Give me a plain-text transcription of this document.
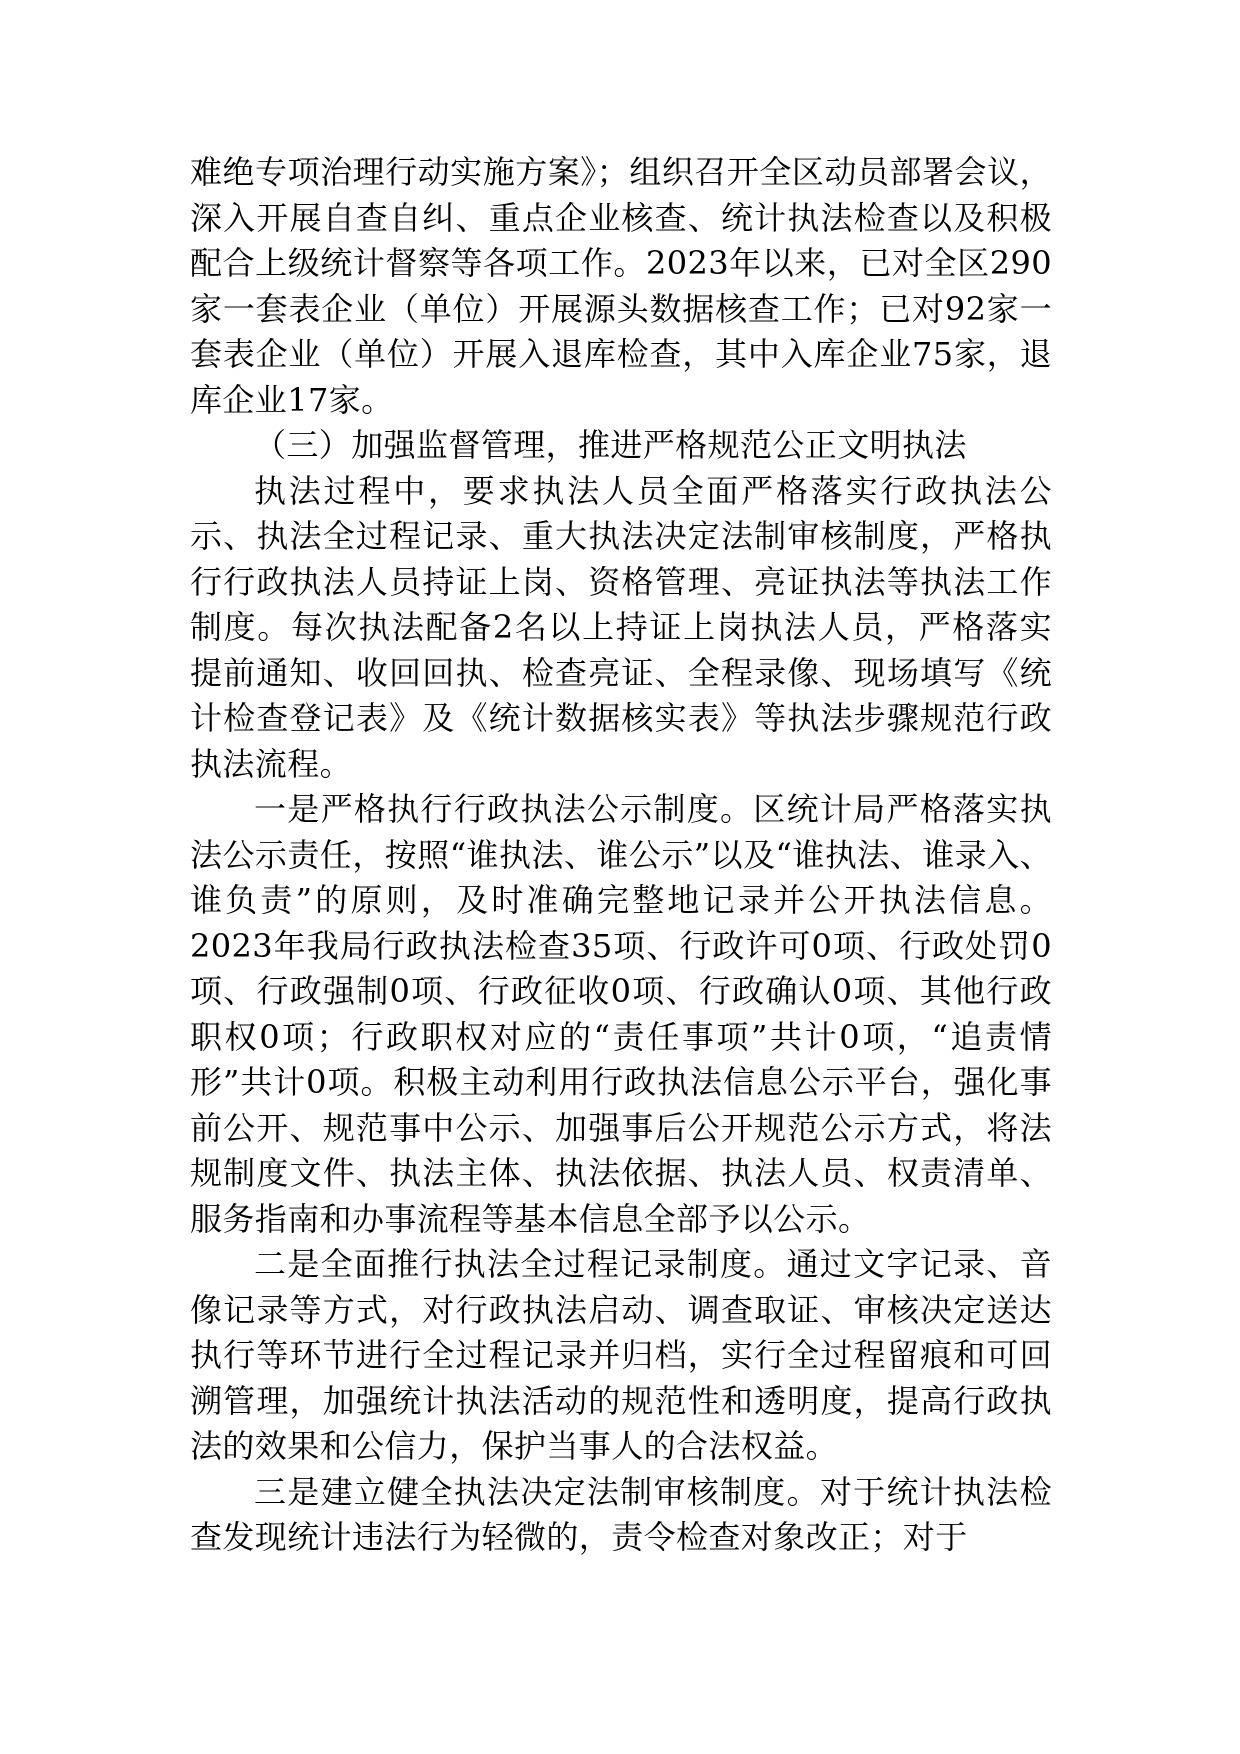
难绝专项治理行动实施方案》；组织召开全区动员部署会议，深入开展自查自纠、重点企业核查、统计执法检查以及积极配合上级统计督察等各项工作。2023年以来，已对全区290家一套表企业（单位）开展源头数据核查工作；已对92家一套表企业（单位）开展入退库检查，其中入库企业75家，退库企业17家。

（三）加强监督管理，推进严格规范公正文明执法

执法过程中，要求执法人员全面严格落实行政执法公示、执法全过程记录、重大执法决定法制审核制度，严格执行行政执法人员持证上岗、资格管理、亮证执法等执法工作制度。每次执法配备2名以上持证上岗执法人员，严格落实提前通知、收回回执、检查亮证、全程录像、现场填写《统计检查登记表》及《统计数据核实表》等执法步骤规范行政执法流程。

一是严格执行行政执法公示制度。区统计局严格落实执法公示责任，按照“谁执法、谁公示”以及“谁执法、谁录入、谁负责”的原则，及时准确完整地记录并公开执法信息。2023年我局行政执法检查35项、行政许可0项、行政处罚0项、行政强制0项、行政征收0项、行政确认0项、其他行政职权0项；行政职权对应的“责任事项”共计0项，“追责情形”共计0项。积极主动利用行政执法信息公示平台，强化事前公开、规范事中公示、加强事后公开规范公示方式，将法规制度文件、执法主体、执法依据、执法人员、权责清单、服务指南和办事流程等基本信息全部予以公示。

二是全面推行执法全过程记录制度。通过文字记录、音像记录等方式，对行政执法启动、调查取证、审核决定送达执行等环节进行全过程记录并归档，实行全过程留痕和可回溯管理，加强统计执法活动的规范性和透明度，提高行政执法的效果和公信力，保护当事人的合法权益。

三是建立健全执法决定法制审核制度。对于统计执法检查发现统计违法行为轻微的，责令检查对象改正；对于
